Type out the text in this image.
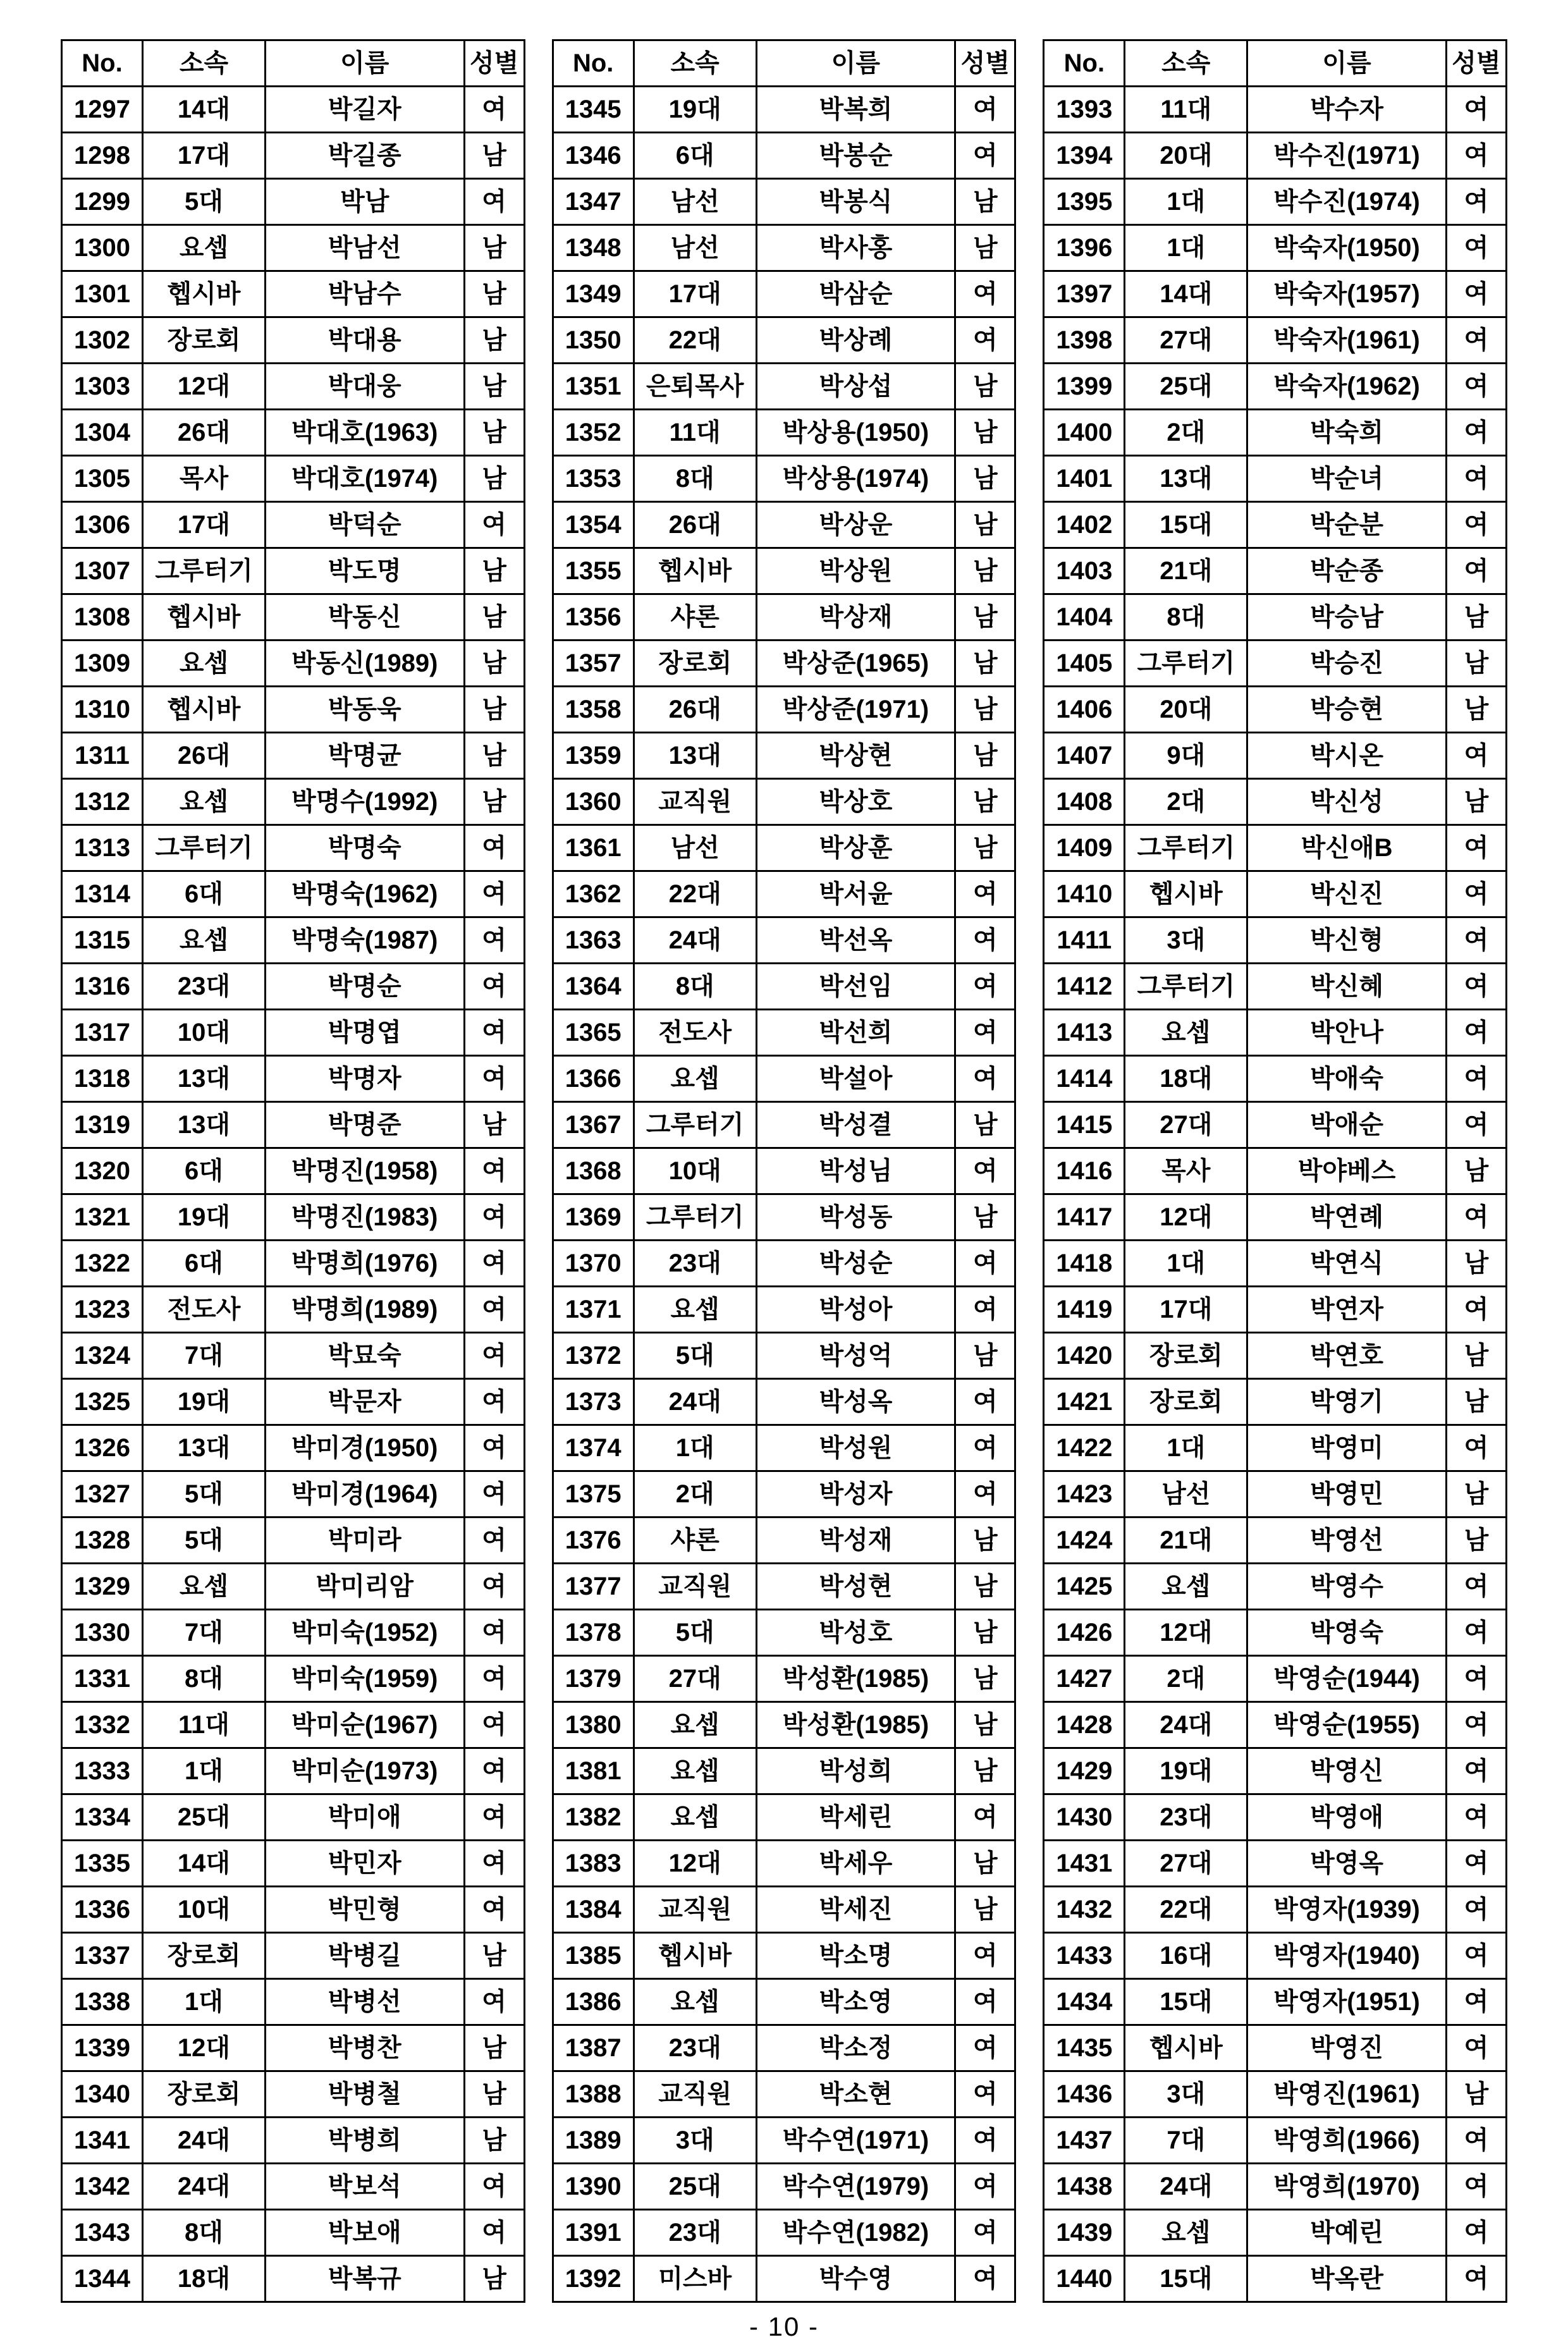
No.	소속	이름	성별
1297	14대	박길자	여
1298	17대	박길종	남
1299	5대	박남	여
1300	요셉	박남선	남
1301	헵시바	박남수	남
1302	장로회	박대용	남
1303	12대	박대웅	남
1304	26대	박대호(1963)	남
1305	목사	박대호(1974)	남
1306	17대	박덕순	여
1307	그루터기	박도명	남
1308	헵시바	박동신	남
1309	요셉	박동신(1989)	남
1310	헵시바	박동욱	남
1311	26대	박명균	남
1312	요셉	박명수(1992)	남
1313	그루터기	박명숙	여
1314	6대	박명숙(1962)	여
1315	요셉	박명숙(1987)	여
1316	23대	박명순	여
1317	10대	박명엽	여
1318	13대	박명자	여
1319	13대	박명준	남
1320	6대	박명진(1958)	여
1321	19대	박명진(1983)	여
1322	6대	박명희(1976)	여
1323	전도사	박명희(1989)	여
1324	7대	박묘숙	여
1325	19대	박문자	여
1326	13대	박미경(1950)	여
1327	5대	박미경(1964)	여
1328	5대	박미라	여
1329	요셉	박미리암	여
1330	7대	박미숙(1952)	여
1331	8대	박미숙(1959)	여
1332	11대	박미순(1967)	여
1333	1대	박미순(1973)	여
1334	25대	박미애	여
1335	14대	박민자	여
1336	10대	박민형	여
1337	장로회	박병길	남
1338	1대	박병선	여
1339	12대	박병찬	남
1340	장로회	박병철	남
1341	24대	박병희	남
1342	24대	박보석	여
1343	8대	박보애	여
1344	18대	박복규	남
No.	소속	이름	성별
1345	19대	박복희	여
1346	6대	박봉순	여
1347	남선	박봉식	남
1348	남선	박사홍	남
1349	17대	박삼순	여
1350	22대	박상례	여
1351	은퇴목사	박상섭	남
1352	11대	박상용(1950)	남
1353	8대	박상용(1974)	남
1354	26대	박상운	남
1355	헵시바	박상원	남
1356	샤론	박상재	남
1357	장로회	박상준(1965)	남
1358	26대	박상준(1971)	남
1359	13대	박상현	남
1360	교직원	박상호	남
1361	남선	박상훈	남
1362	22대	박서윤	여
1363	24대	박선옥	여
1364	8대	박선임	여
1365	전도사	박선희	여
1366	요셉	박설아	여
1367	그루터기	박성결	남
1368	10대	박성님	여
1369	그루터기	박성동	남
1370	23대	박성순	여
1371	요셉	박성아	여
1372	5대	박성억	남
1373	24대	박성옥	여
1374	1대	박성원	여
1375	2대	박성자	여
1376	샤론	박성재	남
1377	교직원	박성현	남
1378	5대	박성호	남
1379	27대	박성환(1985)	남
1380	요셉	박성환(1985)	남
1381	요셉	박성희	남
1382	요셉	박세린	여
1383	12대	박세우	남
1384	교직원	박세진	남
1385	헵시바	박소명	여
1386	요셉	박소영	여
1387	23대	박소정	여
1388	교직원	박소현	여
1389	3대	박수연(1971)	여
1390	25대	박수연(1979)	여
1391	23대	박수연(1982)	여
1392	미스바	박수영	여
No.	소속	이름	성별
1393	11대	박수자	여
1394	20대	박수진(1971)	여
1395	1대	박수진(1974)	여
1396	1대	박숙자(1950)	여
1397	14대	박숙자(1957)	여
1398	27대	박숙자(1961)	여
1399	25대	박숙자(1962)	여
1400	2대	박숙희	여
1401	13대	박순녀	여
1402	15대	박순분	여
1403	21대	박순종	여
1404	8대	박승남	남
1405	그루터기	박승진	남
1406	20대	박승현	남
1407	9대	박시온	여
1408	2대	박신성	남
1409	그루터기	박신애B	여
1410	헵시바	박신진	여
1411	3대	박신형	여
1412	그루터기	박신혜	여
1413	요셉	박안나	여
1414	18대	박애숙	여
1415	27대	박애순	여
1416	목사	박야베스	남
1417	12대	박연례	여
1418	1대	박연식	남
1419	17대	박연자	여
1420	장로회	박연호	남
1421	장로회	박영기	남
1422	1대	박영미	여
1423	남선	박영민	남
1424	21대	박영선	남
1425	요셉	박영수	여
1426	12대	박영숙	여
1427	2대	박영순(1944)	여
1428	24대	박영순(1955)	여
1429	19대	박영신	여
1430	23대	박영애	여
1431	27대	박영옥	여
1432	22대	박영자(1939)	여
1433	16대	박영자(1940)	여
1434	15대	박영자(1951)	여
1435	헵시바	박영진	여
1436	3대	박영진(1961)	남
1437	7대	박영희(1966)	여
1438	24대	박영희(1970)	여
1439	요셉	박예린	여
1440	15대	박옥란	여
- 10 -
